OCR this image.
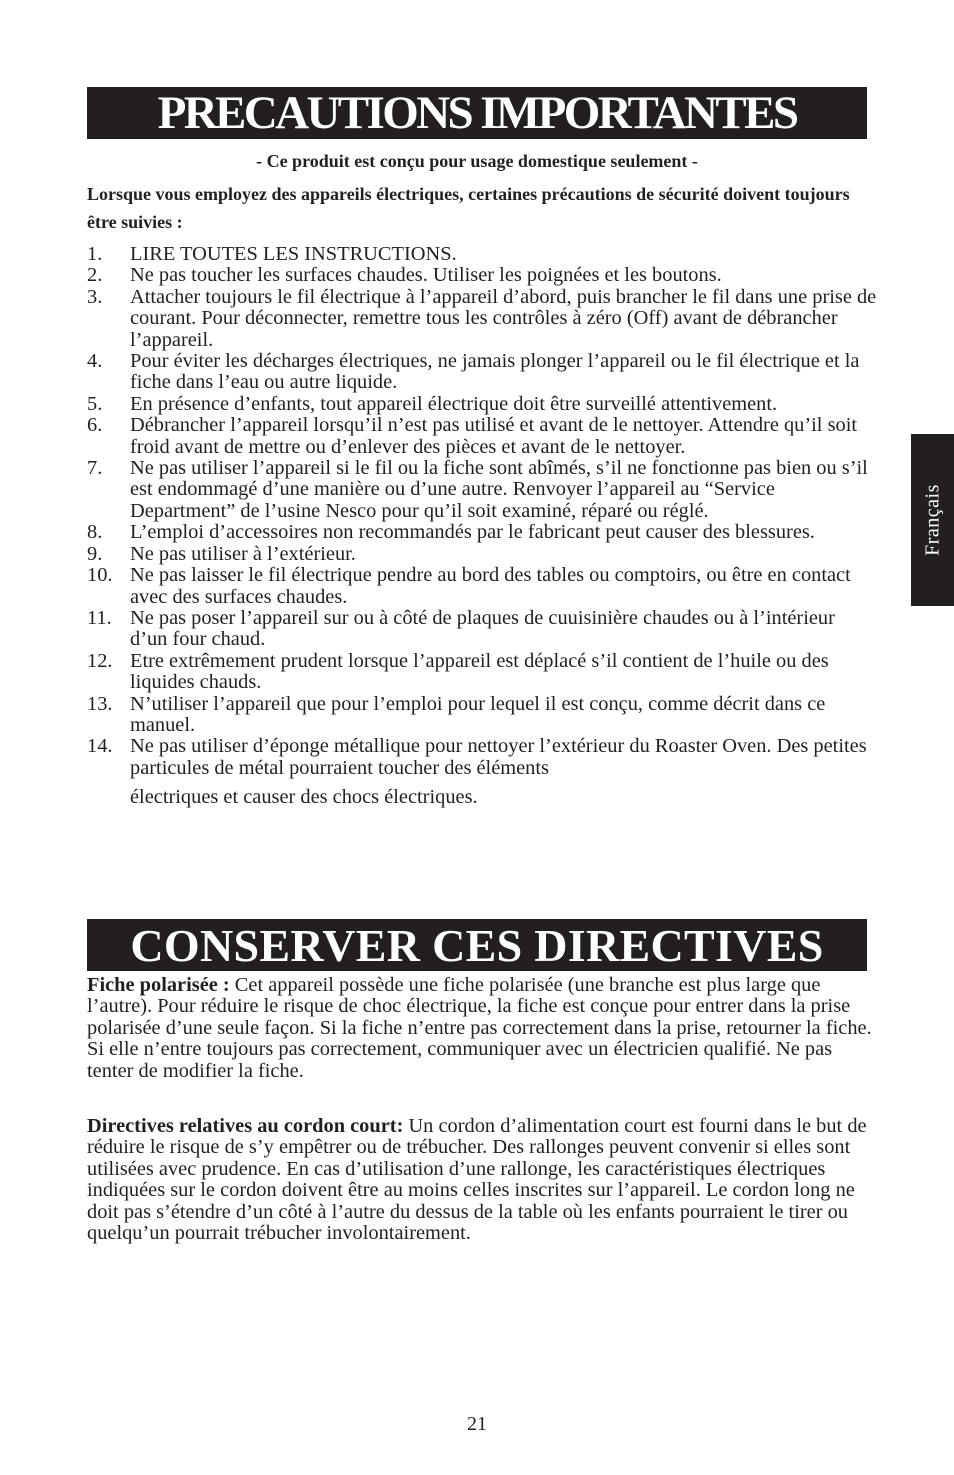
PRECAUTIONS IMPORTANTES
- Ce produit est conçu pour usage domestique seulement -
Lorsque vous employez des appareils électriques, certaines précautions de sécurité doivent toujours être suivies :
1. LIRE TOUTES LES INSTRUCTIONS.
2. Ne pas toucher les surfaces chaudes. Utiliser les poignées et les boutons.
3. Attacher toujours le fil électrique à l’appareil d’abord, puis brancher le fil dans une prise de courant. Pour déconnecter, remettre tous les contrôles à zéro (Off) avant de débrancher l’appareil.
4. Pour éviter les décharges électriques, ne jamais plonger l’appareil ou le fil électrique et la fiche dans l’eau ou autre liquide.
5. En présence d’enfants, tout appareil électrique doit être surveillé attentivement.
6. Débrancher l’appareil lorsqu’il n’est pas utilisé et avant de le nettoyer. Attendre qu’il soit froid avant de mettre ou d’enlever des pièces et avant de le nettoyer.
7. Ne pas utiliser l’appareil si le fil ou la fiche sont abîmés, s’il ne fonctionne pas bien ou s’il est endommagé d’une manière ou d’une autre. Renvoyer l’appareil au “Service Department” de l’usine Nesco pour qu’il soit examiné, réparé ou réglé.
8. L’emploi d’accessoires non recommandés par le fabricant peut causer des blessures.
9. Ne pas utiliser à l’extérieur.
10. Ne pas laisser le fil électrique pendre au bord des tables ou comptoirs, ou être en contact avec des surfaces chaudes.
11. Ne pas poser l’appareil sur ou à côté de plaques de cuuisinière chaudes ou à l’intérieur d’un four chaud.
12. Etre extrêmement prudent lorsque l’appareil est déplacé s’il contient de l’huile ou des liquides chauds.
13. N’utiliser l’appareil que pour l’emploi pour lequel il est conçu, comme décrit dans ce manuel.
14. Ne pas utiliser d’éponge métallique pour nettoyer l’extérieur du Roaster Oven. Des petites particules de métal pourraient toucher des éléments
électriques et causer des chocs électriques.
CONSERVER CES DIRECTIVES

Fiche polarisée : Cet appareil possède une fiche polarisée (une branche est plus large que l’autre). Pour réduire le risque de choc électrique, la fiche est conçue pour entrer dans la prise polarisée d’une seule façon. Si la fiche n’entre pas correctement dans la prise, retourner la fiche. Si elle n’entre toujours pas correctement, communiquer avec un électricien qualifié. Ne pas tenter de modifier la fiche.

Directives relatives au cordon court: Un cordon d’alimentation court est fourni dans le but de réduire le risque de s’y empêtrer ou de trébucher. Des rallonges peuvent convenir si elles sont utilisées avec prudence. En cas d’utilisation d’une rallonge, les caractéristiques électriques indiquées sur le cordon doivent être au moins celles inscrites sur l’appareil. Le cordon long ne doit pas s’étendre d’un côté à l’autre du dessus de la table où les enfants pourraient le tirer ou quelqu’un pourrait trébucher involontairement.

Français
21
